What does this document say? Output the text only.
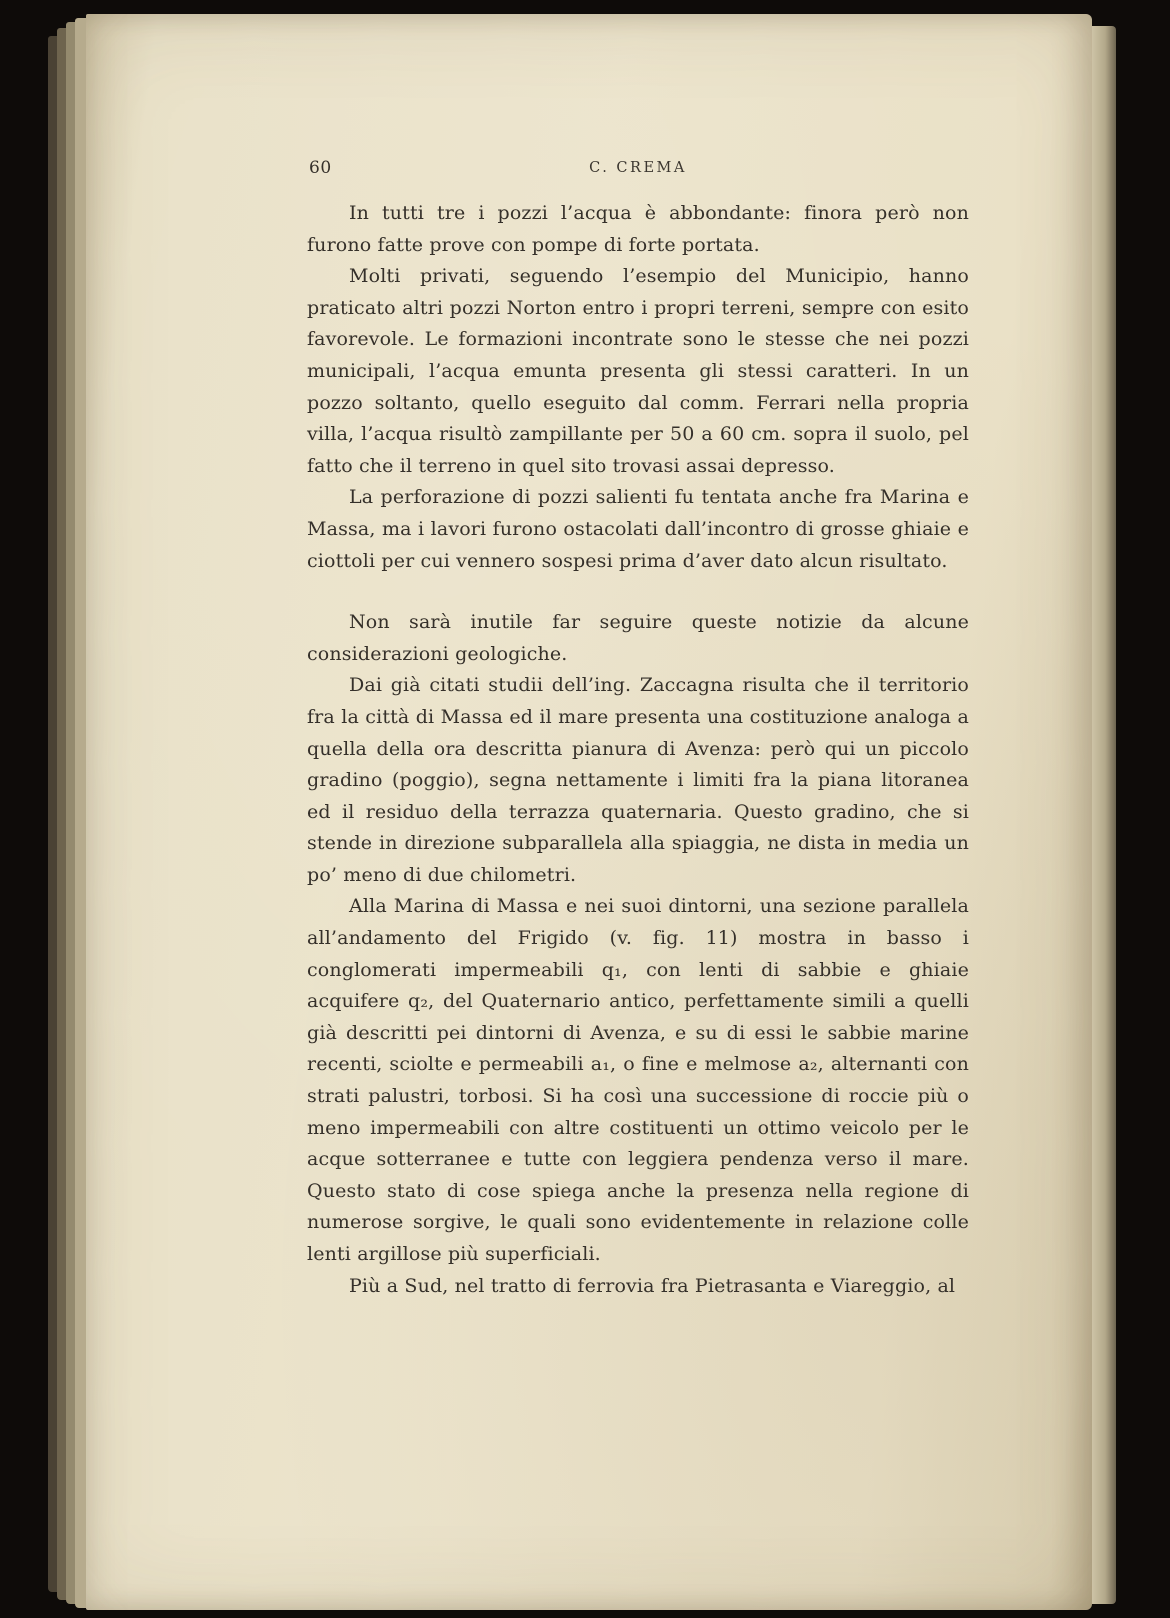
60	C. CREMA

In tutti tre i pozzi l’acqua è abbondante: finora però non furono fatte prove con pompe di forte portata.

Molti privati, seguendo l’esempio del Municipio, hanno praticato altri pozzi Norton entro i propri terreni, sempre con esito favorevole. Le formazioni incontrate sono le stesse che nei pozzi municipali, l’acqua emunta presenta gli stessi caratteri. In un pozzo soltanto, quello eseguito dal comm. Ferrari nella propria villa, l’acqua risultò zampillante per 50 a 60 cm. sopra il suolo, pel fatto che il terreno in quel sito trovasi assai depresso.

La perforazione di pozzi salienti fu tentata anche fra Marina e Massa, ma i lavori furono ostacolati dall’incontro di grosse ghiaie e ciottoli per cui vennero sospesi prima d’aver dato alcun risultato.

Non sarà inutile far seguire queste notizie da alcune considerazioni geologiche.

Dai già citati studii dell’ing. Zaccagna risulta che il territorio fra la città di Massa ed il mare presenta una costituzione analoga a quella della ora descritta pianura di Avenza: però qui un piccolo gradino (poggio), segna nettamente i limiti fra la piana litoranea ed il residuo della terrazza quaternaria. Questo gradino, che si stende in direzione subparallela alla spiaggia, ne dista in media un po’ meno di due chilometri.

Alla Marina di Massa e nei suoi dintorni, una sezione parallela all’andamento del Frigido (v. fig. 11) mostra in basso i conglomerati impermeabili q₁, con lenti di sabbie e ghiaie acquifere q₂, del Quaternario antico, perfettamente simili a quelli già descritti pei dintorni di Avenza, e su di essi le sabbie marine recenti, sciolte e permeabili a₁, o fine e melmose a₂, alternanti con strati palustri, torbosi. Si ha così una successione di roccie più o meno impermeabili con altre costituenti un ottimo veicolo per le acque sotterranee e tutte con leggiera pendenza verso il mare. Questo stato di cose spiega anche la presenza nella regione di numerose sorgive, le quali sono evidentemente in relazione colle lenti argillose più superficiali.

Più a Sud, nel tratto di ferrovia fra Pietrasanta e Viareggio, al
